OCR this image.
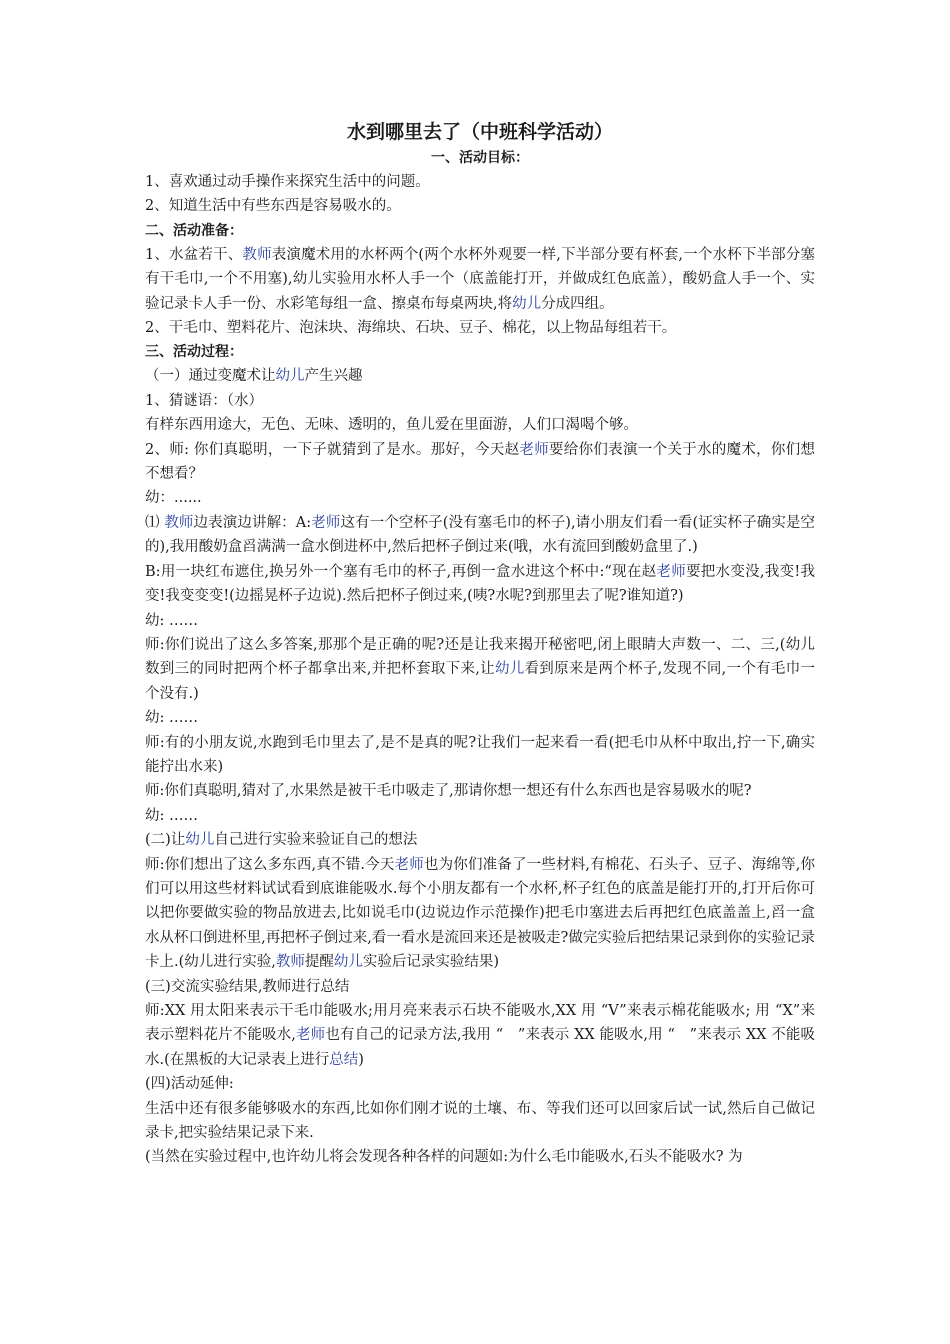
水到哪里去了（中班科学活动）
一、活动目标：

1、喜欢通过动手操作来探究生活中的问题。

2、知道生活中有些东西是容易吸水的。

二、活动准备：

1、水盆若干、教师表演魔术用的水杯两个(两个水杯外观要一样,下半部分要有杯套,一个水杯下半部分塞有干毛巾,一个不用塞),幼儿实验用水杯人手一个（底盖能打开，并做成红色底盖），酸奶盒人手一个、实验记录卡人手一份、水彩笔每组一盒、擦桌布每桌两块,将幼儿分成四组。

2、干毛巾、塑料花片、泡沫块、海绵块、石块、豆子、棉花，以上物品每组若干。

三、活动过程：

（一）通过变魔术让幼儿产生兴趣

1、猜谜语：（水）

有样东西用途大，无色、无味、透明的，鱼儿爱在里面游，人们口渴喝个够。

2、师: 你们真聪明，一下子就猜到了是水。那好，今天赵老师要给你们表演一个关于水的魔术，你们想不想看？

幼：......

⑴ 教师边表演边讲解：A:老师这有一个空杯子(没有塞毛巾的杯子),请小朋友们看一看(证实杯子确实是空的),我用酸奶盒舀满满一盒水倒进杯中,然后把杯子倒过来(哦，水有流回到酸奶盒里了.)

B:用一块红布遮住,换另外一个塞有毛巾的杯子,再倒一盒水进这个杯中:“现在赵老师要把水变没,我变!我变!我变变变!(边摇晃杯子边说).然后把杯子倒过来,(咦?水呢?到那里去了呢?谁知道?)

幼: ……

师:你们说出了这么多答案,那那个是正确的呢?还是让我来揭开秘密吧,闭上眼睛大声数一、二、三,(幼儿数到三的同时把两个杯子都拿出来,并把杯套取下来,让幼儿看到原来是两个杯子,发现不同,一个有毛巾一个没有.)

幼: ……

师:有的小朋友说,水跑到毛巾里去了,是不是真的呢?让我们一起来看一看(把毛巾从杯中取出,拧一下,确实能拧出水来)

师:你们真聪明,猜对了,水果然是被干毛巾吸走了,那请你想一想还有什么东西也是容易吸水的呢?

幼: ……

(二)让幼儿自己进行实验来验证自己的想法

师:你们想出了这么多东西,真不错.今天老师也为你们准备了一些材料,有棉花、石头子、豆子、海绵等,你们可以用这些材料试试看到底谁能吸水.每个小朋友都有一个水杯,杯子红色的底盖是能打开的,打开后你可以把你要做实验的物品放进去,比如说毛巾(边说边作示范操作)把毛巾塞进去后再把红色底盖盖上,舀一盒水从杯口倒进杯里,再把杯子倒过来,看一看水是流回来还是被吸走?做完实验后把结果记录到你的实验记录卡上.(幼儿进行实验,教师提醒幼儿实验后记录实验结果)

(三)交流实验结果,教师进行总结

师:XX 用太阳来表示干毛巾能吸水;用月亮来表示石块不能吸水,XX 用 “V”来表示棉花能吸水; 用 “X”来表示塑料花片不能吸水,老师也有自己的记录方法,我用 “　”来表示 XX 能吸水,用 “　”来表示 XX 不能吸水.(在黑板的大记录表上进行总结)

(四)活动延伸:

生活中还有很多能够吸水的东西,比如你们刚才说的土壤、布、等我们还可以回家后试一试,然后自己做记录卡,把实验结果记录下来.

(当然在实验过程中,也许幼儿将会发现各种各样的问题如:为什么毛巾能吸水,石头不能吸水? 为
